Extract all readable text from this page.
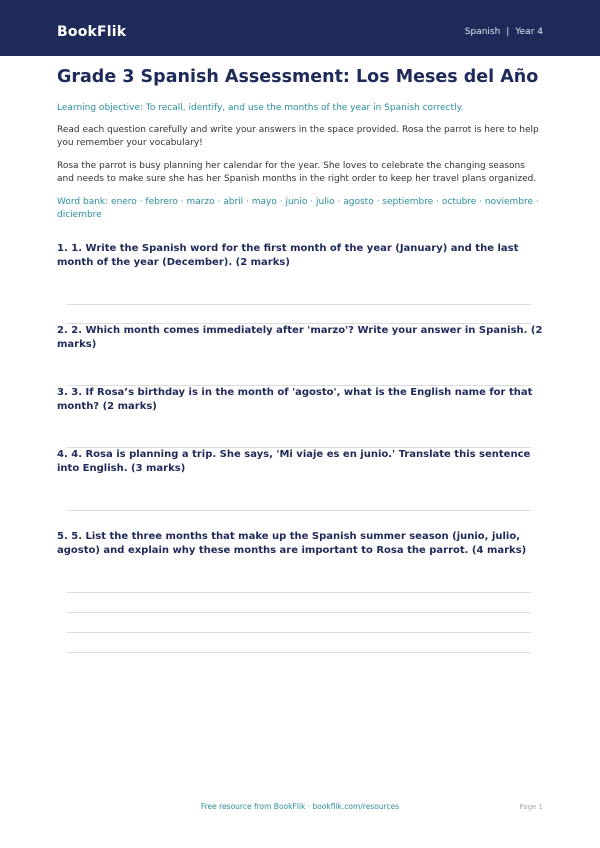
BookFlik	Spanish | Year 4
Grade 3 Spanish Assessment: Los Meses del Año
Learning objective: To recall, identify, and use the months of the year in Spanish correctly.
Read each question carefully and write your answers in the space provided. Rosa the parrot is here to help you remember your vocabulary!
Rosa the parrot is busy planning her calendar for the year. She loves to celebrate the changing seasons and needs to make sure she has her Spanish months in the right order to keep her travel plans organized.
Word bank: enero · febrero · marzo · abril · mayo · junio · julio · agosto · septiembre · octubre · noviembre · diciembre
1. 1. Write the Spanish word for the first month of the year (January) and the last month of the year (December). (2 marks)
2. 2. Which month comes immediately after 'marzo'? Write your answer in Spanish. (2 marks)
3. 3. If Rosa’s birthday is in the month of 'agosto', what is the English name for that month? (2 marks)
4. 4. Rosa is planning a trip. She says, 'Mi viaje es en junio.' Translate this sentence into English. (3 marks)
5. 5. List the three months that make up the Spanish summer season (junio, julio, agosto) and explain why these months are important to Rosa the parrot. (4 marks)
Free resource from BookFlik · bookflik.com/resources	Page 1
